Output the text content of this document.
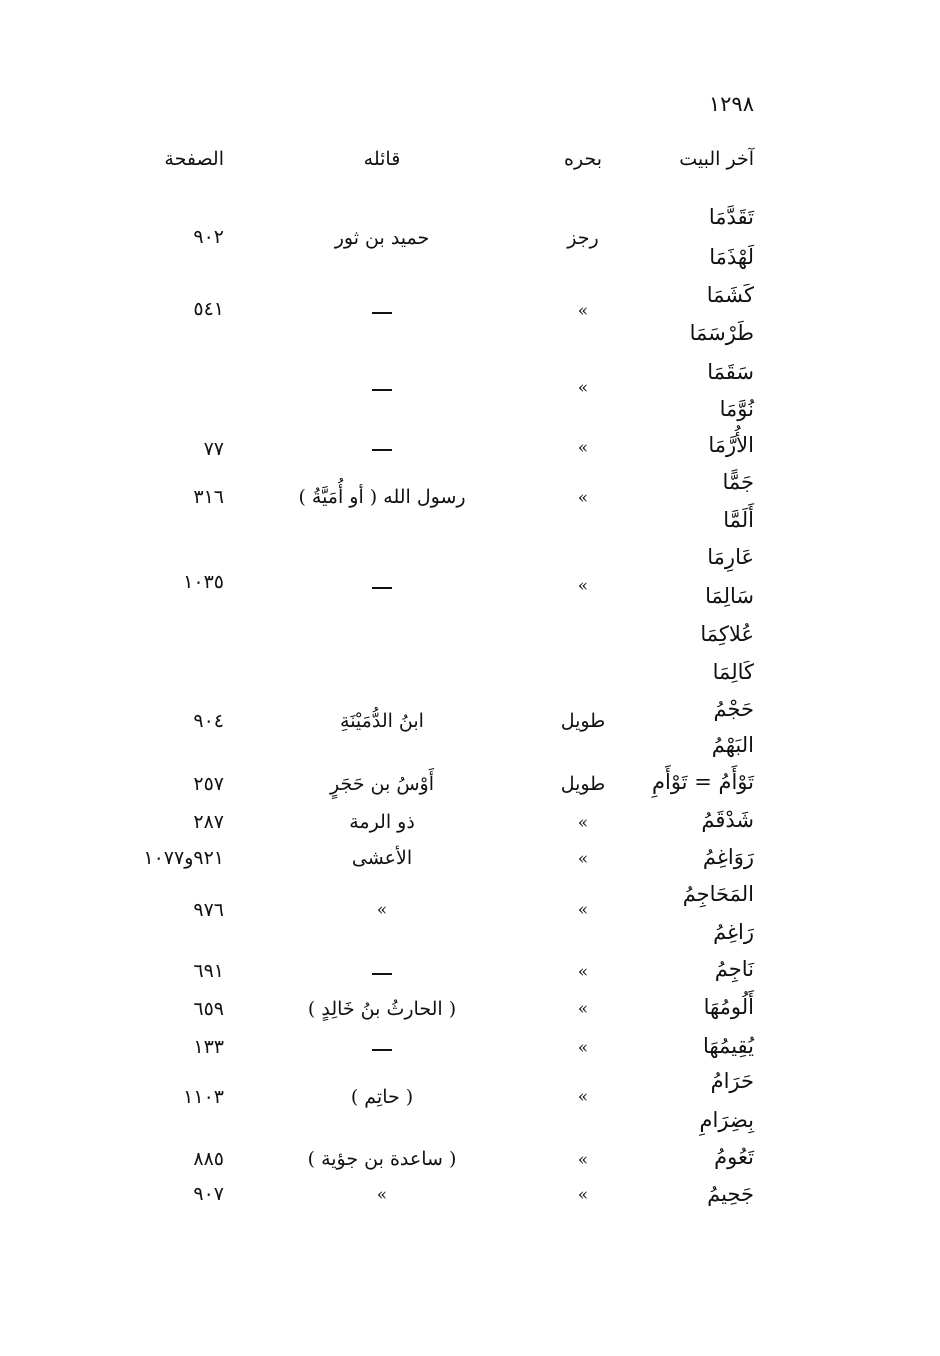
١٢٩٨
آخر البيت
بحره
قائله
الصفحة
تَقَدَّمَا
لَهْذَمَا
كَشَمَا
طَرْسَمَا
سَقَمَا
نُوَّمَا
الأُرَّمَا
جَمًّا
أَلَمَّا
عَارِمَا
سَالِمَا
عُلاكِمَا
كَالِمَا
حَجْمُ
البَهْمُ
تَوْأَمُ = تَوْأَمِ
شَدْقَمُ
رَوَاغِمُ
المَحَاجِمُ
رَاغِمُ
نَاجِمُ
أَلُومُهَا
يُقِيمُهَا
حَرَامُ
بِضِرَامِ
تَعُومُ
جَحِيمُ
رجز
»
»
»
»
»
طويل
طويل
»
»
»
»
»
»
»
»
»
حميد بن ثور
رسول الله ( أو أُمَيَّةُ )
ابنُ الدُّمَيْنَةِ
أَوْسُ بن حَجَرٍ
ذو الرمة
الأعشى
»
( الحارثُ بنُ خَالِدٍ )
( حاتِم )
( ساعدة بن جؤية )
»
٩٠٢
٥٤١
٧٧
٣١٦
١٠٣٥
٩٠٤
٢٥٧
٢٨٧
٩٢١و١٠٧٧
٩٧٦
٦٩١
٦٥٩
١٣٣
١١٠٣
٨٨٥
٩٠٧
